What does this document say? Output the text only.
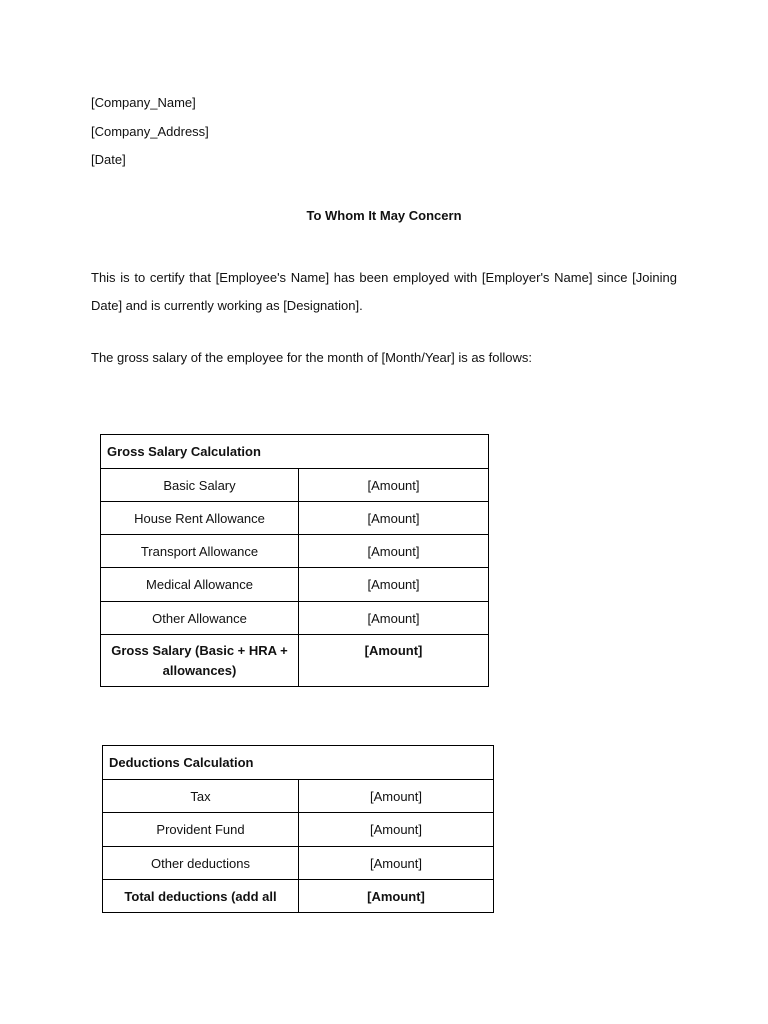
[Company_Name]
[Company_Address]
[Date]
To Whom It May Concern
This is to certify that [Employee's Name] has been employed with [Employer's Name] since [Joining Date] and is currently working as [Designation].
The gross salary of the employee for the month of [Month/Year] is as follows:
Gross Salary Calculation	
Basic Salary	[Amount]
House Rent Allowance	[Amount]
Transport Allowance	[Amount]
Medical Allowance	[Amount]
Other Allowance	[Amount]
Gross Salary (Basic + HRA + allowances)	[Amount]
Deductions Calculation	
Tax	[Amount]
Provident Fund	[Amount]
Other deductions	[Amount]
Total deductions (add all	[Amount]
